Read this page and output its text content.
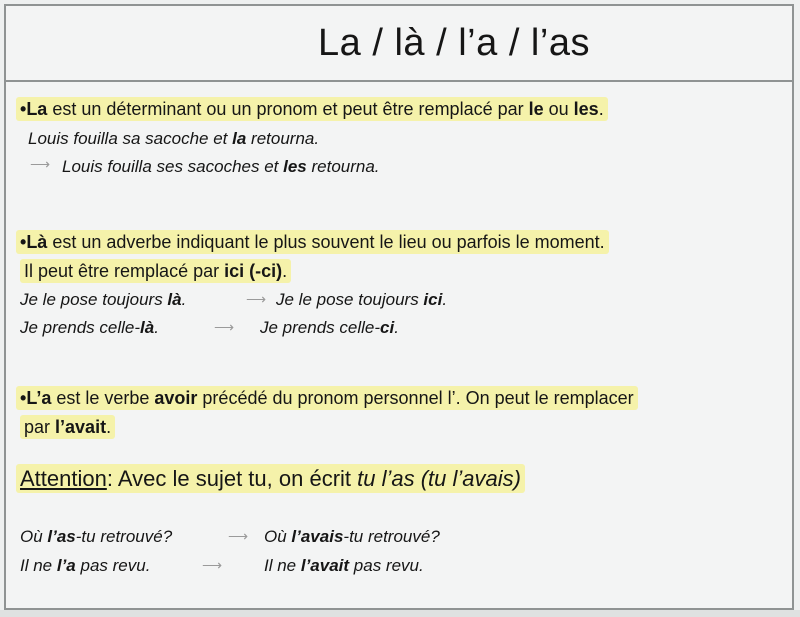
La / là / l’a / l’as
•La est un déterminant ou un pronom et peut être remplacé par le ou les.
Louis fouilla sa sacoche et la retourna.
⟶ Louis fouilla ses sacoches et les retourna.
•Là est un adverbe indiquant le plus souvent le lieu ou parfois le moment.
Il peut être remplacé par ici (-ci).
Je le pose toujours là.	⟶ Je le pose toujours ici.
Je prends celle-là.	⟶ Je prends celle-ci.
•L’a est le verbe avoir précédé du pronom personnel l’. On peut le remplacer
par l’avait.
Attention: Avec le sujet tu, on écrit tu l’as (tu l’avais)
Où l’as-tu retrouvé?	⟶ Où l’avais-tu retrouvé?
Il ne l’a pas revu.	⟶ Il ne l’avait pas revu.
